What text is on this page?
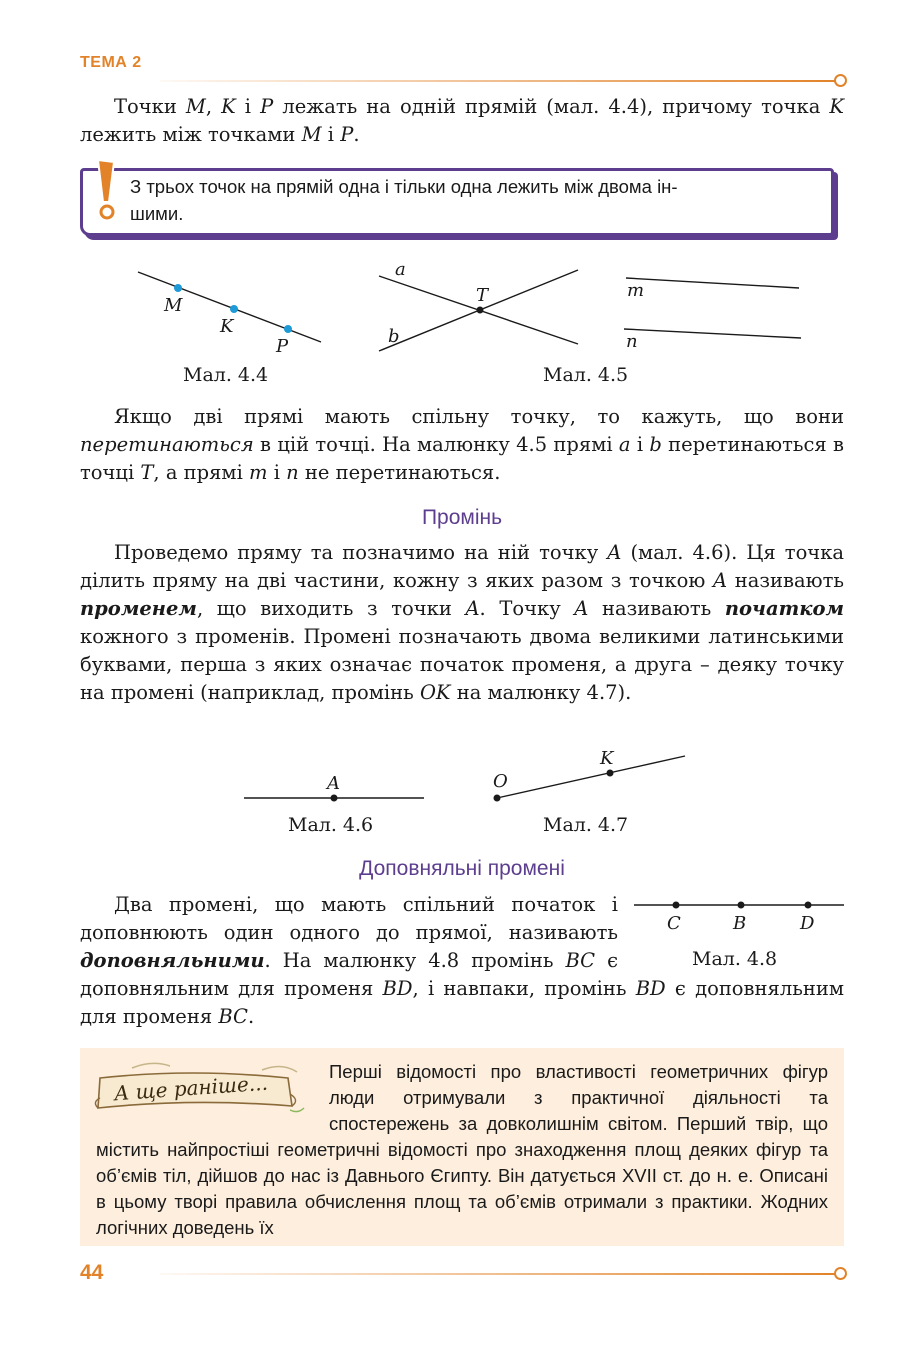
ТЕМА 2

Точки M, K і P лежать на одній прямій (мал. 4.4), причому точка K лежить між точками M і P.

З трьох точок на прямій одна і тільки одна лежить між двома ін-
шими.
M
K
P
a
b
T	m
n
Мал. 4.4	Мал. 4.5

Якщо дві прямі мають спільну точку, то кажуть, що вони перетинаються в цій точці. На малюнку 4.5 прямі a і b перетинаються в точці T, а прямі m і n не перетинаються.

Промінь

Проведемо пряму та позначимо на ній точку A (мал. 4.6). Ця точка ділить пряму на дві частини, кожну з яких разом з точкою A називають променем, що виходить з точки A. Точку A називають початком кожного з променів. Промені позначають двома великими латинськими буквами, перша з яких означає початок променя, а друга – деяку точку на промені (наприклад, промінь OK на малюнку 4.7).

A	O
K
Мал. 4.6	Мал. 4.7
Доповняльні промені

Два промені, що мають спільний початок і доповнюють один одного до прямої, називають доповняльними. На малюнку 4.8 промінь BC є доповняльним для променя BD, і навпаки, промінь BD є доповняльним для променя BC.

C	B	D
Мал. 4.8
А ще раніше...	Перші відомості про властивості геометричних фігур люди отримували з практичної діяльності та спостережень за довколишнім світом. Перший твір, що містить найпростіші геометричні відомості про знаходження площ деяких фігур та об’ємів тіл, дійшов до нас із Давнього Єгипту. Він датується XVII ст. до н. е. Описані в цьому творі правила обчислення площ та об’ємів отримали з практики. Жодних логічних доведень їх
44
